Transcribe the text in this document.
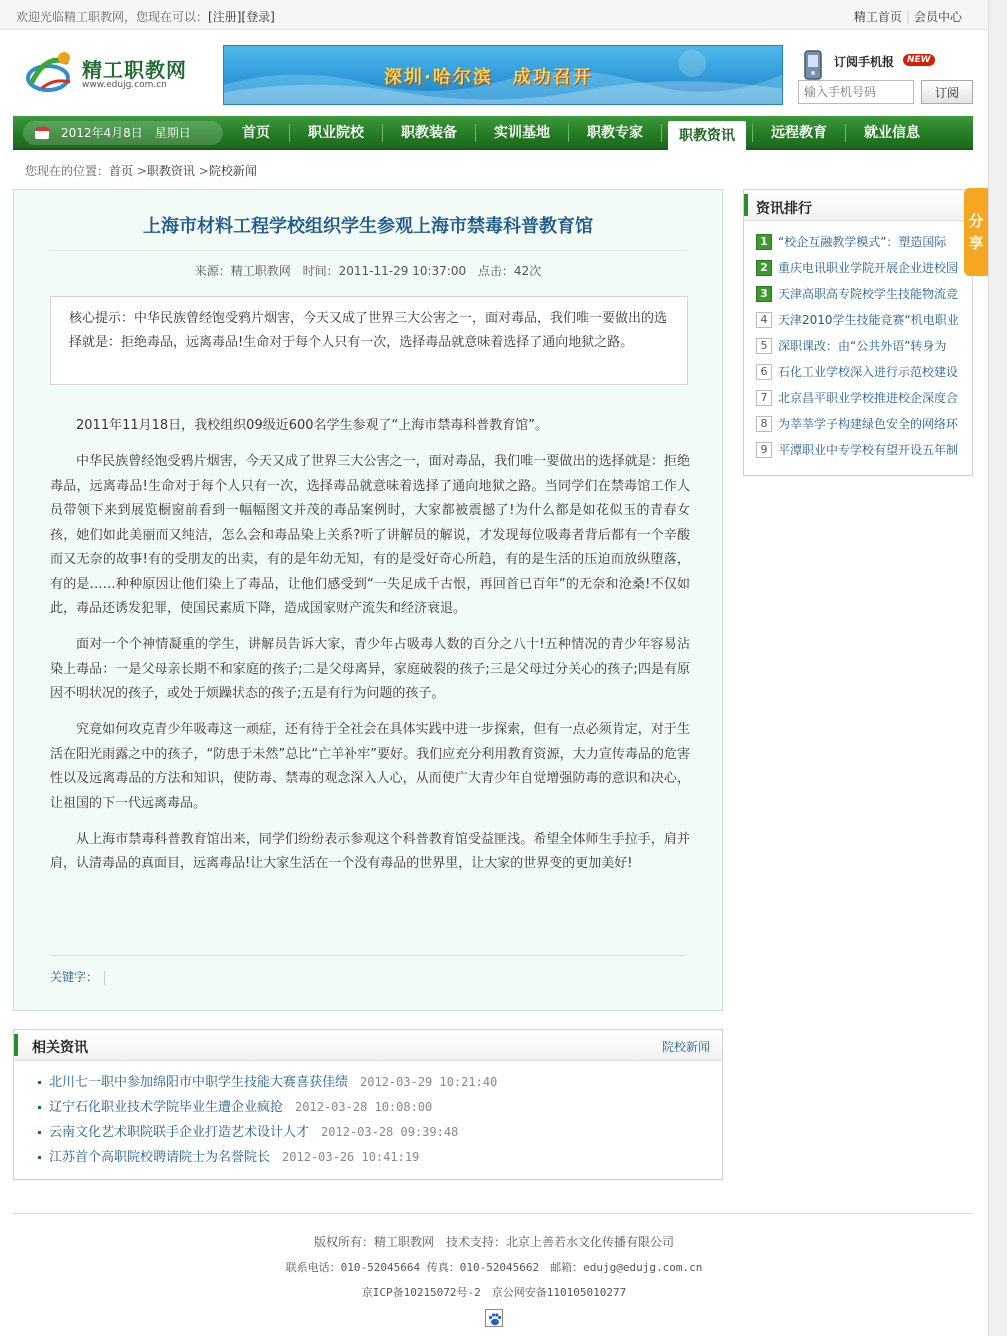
欢迎光临精工职教网，您现在可以：[注册][登录]	精工首页 | 会员中心
精工职教网
www.edujg.com.cn	深圳·哈尔滨　成功召开
订阅手机报	NEW
输入手机号码
订阅
2012年4月8日　星期日	首页	职业院校	职教装备	实训基地	职教专家	职教资讯	远程教育	就业信息
您现在的位置：首页 >职教资讯 >院校新闻
上海市材料工程学校组织学生参观上海市禁毒科普教育馆
来源：精工职教网 时间：2011-11-29 10:37:00 点击：42次
核心提示：中华民族曾经饱受鸦片烟害，今天又成了世界三大公害之一，面对毒品，我们唯一要做出的选择就是：拒绝毒品，远离毒品!生命对于每个人只有一次，选择毒品就意味着选择了通向地狱之路。

2011年11月18日，我校组织09级近600名学生参观了“上海市禁毒科普教育馆”。

中华民族曾经饱受鸦片烟害，今天又成了世界三大公害之一，面对毒品，我们唯一要做出的选择就是：拒绝毒品，远离毒品!生命对于每个人只有一次，选择毒品就意味着选择了通向地狱之路。当同学们在禁毒馆工作人员带领下来到展览橱窗前看到一幅幅图文并茂的毒品案例时，大家都被震撼了!为什么都是如花似玉的青春女孩，她们如此美丽而又纯洁，怎么会和毒品染上关系?听了讲解员的解说，才发现每位吸毒者背后都有一个辛酸而又无奈的故事!有的受朋友的出卖，有的是年幼无知，有的是受好奇心所趋，有的是生活的压迫而放纵堕落，有的是……种种原因让他们染上了毒品，让他们感受到“一失足成千古恨，再回首已百年”的无奈和沧桑!不仅如此，毒品还诱发犯罪，使国民素质下降，造成国家财产流失和经济衰退。

面对一个个神情凝重的学生，讲解员告诉大家，青少年占吸毒人数的百分之八十!五种情况的青少年容易沾染上毒品：一是父母亲长期不和家庭的孩子;二是父母离异，家庭破裂的孩子;三是父母过分关心的孩子;四是有原因不明状况的孩子，或处于烦躁状态的孩子;五是有行为问题的孩子。

究竟如何攻克青少年吸毒这一顽症，还有待于全社会在具体实践中进一步探索，但有一点必须肯定，对于生活在阳光雨露之中的孩子，“防患于未然”总比“亡羊补牢”要好。我们应充分利用教育资源，大力宣传毒品的危害性以及远离毒品的方法和知识，使防毒、禁毒的观念深入人心，从而使广大青少年自觉增强防毒的意识和决心，让祖国的下一代远离毒品。

从上海市禁毒科普教育馆出来，同学们纷纷表示参观这个科普教育馆受益匪浅。希望全体师生手拉手，肩并肩，认清毒品的真面目，远离毒品!让大家生活在一个没有毒品的世界里，让大家的世界变的更加美好!

关键字：
相关资讯	院校新闻
北川七一职中参加绵阳市中职学生技能大赛喜获佳绩 2012-03-29 10:21:40
辽宁石化职业技术学院毕业生遭企业疯抢 2012-03-28 10:08:00
云南文化艺术职院联手企业打造艺术设计人才 2012-03-28 09:39:48
江苏首个高职院校聘请院士为名誉院长 2012-03-26 10:41:19
资讯排行
1 “校企互融教学模式”：塑造国际
2 重庆电讯职业学院开展企业进校园
3 天津高职高专院校学生技能物流竞
4 天津2010学生技能竞赛“机电职业
5 深职课改：由“公共外语”转身为
6 石化工业学校深入进行示范校建设
7 北京昌平职业学校推进校企深度合
8 为莘莘学子构建绿色安全的网络环
9 平潭职业中专学校有望开设五年制
分享
版权所有：精工职教网　技术支持：北京上善若水文化传播有限公司
联系电话：010-52045664 传真：010-52045662　邮箱：edujg@edujg.com.cn
京ICP备10215072号-2　京公网安备110105010277
